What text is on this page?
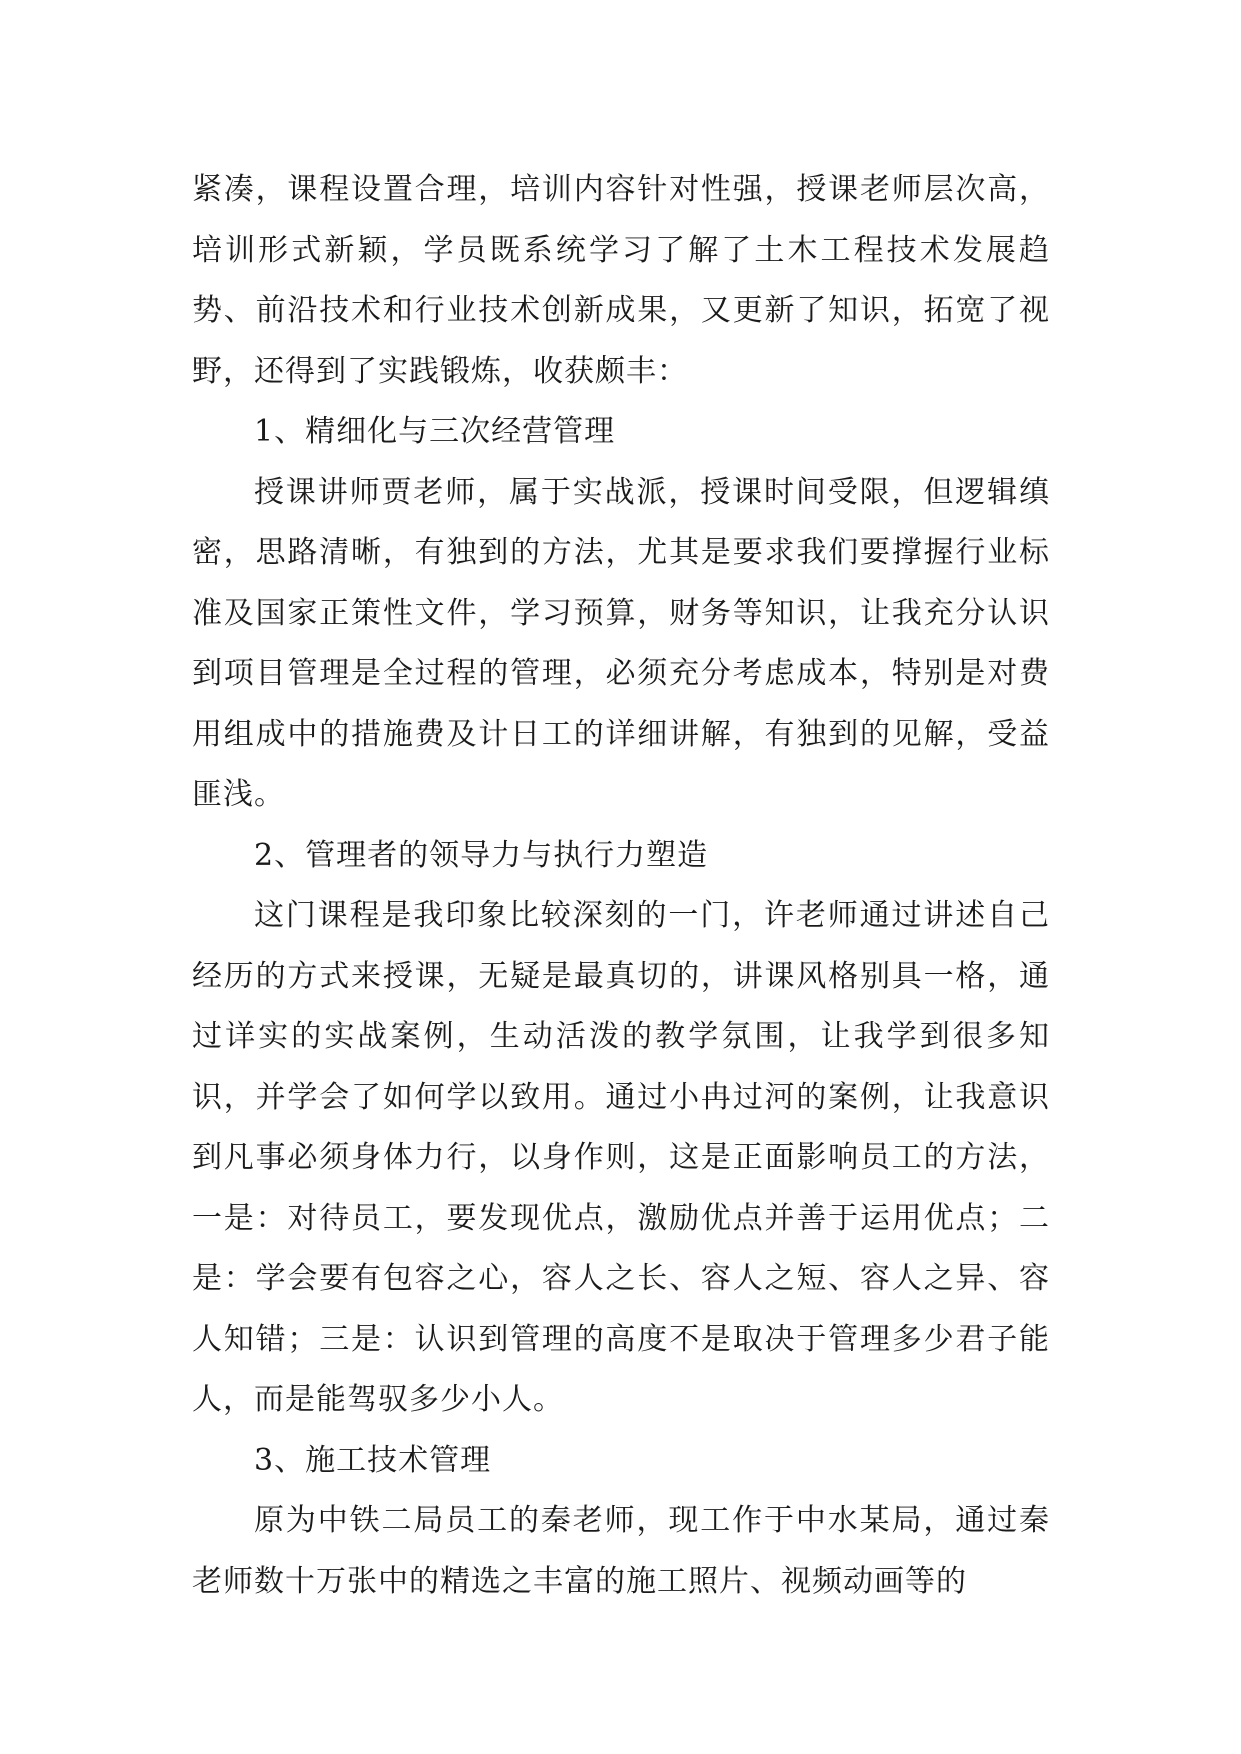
紧凑，课程设置合理，培训内容针对性强，授课老师层次高，培训形式新颖，学员既系统学习了解了土木工程技术发展趋势、前沿技术和行业技术创新成果，又更新了知识，拓宽了视野，还得到了实践锻炼，收获颇丰：

1、精细化与三次经营管理

授课讲师贾老师，属于实战派，授课时间受限，但逻辑缜密，思路清晰，有独到的方法，尤其是要求我们要撑握行业标准及国家正策性文件，学习预算，财务等知识，让我充分认识到项目管理是全过程的管理，必须充分考虑成本，特别是对费用组成中的措施费及计日工的详细讲解，有独到的见解，受益匪浅。

2、管理者的领导力与执行力塑造

这门课程是我印象比较深刻的一门，许老师通过讲述自己经历的方式来授课，无疑是最真切的，讲课风格别具一格，通过详实的实战案例，生动活泼的教学氛围，让我学到很多知识，并学会了如何学以致用。通过小冉过河的案例，让我意识到凡事必须身体力行，以身作则，这是正面影响员工的方法，一是：对待员工，要发现优点，激励优点并善于运用优点；二是：学会要有包容之心，容人之长、容人之短、容人之异、容人知错；三是：认识到管理的高度不是取决于管理多少君子能人，而是能驾驭多少小人。

3、施工技术管理

原为中铁二局员工的秦老师，现工作于中水某局，通过秦老师数十万张中的精选之丰富的施工照片、视频动画等的
